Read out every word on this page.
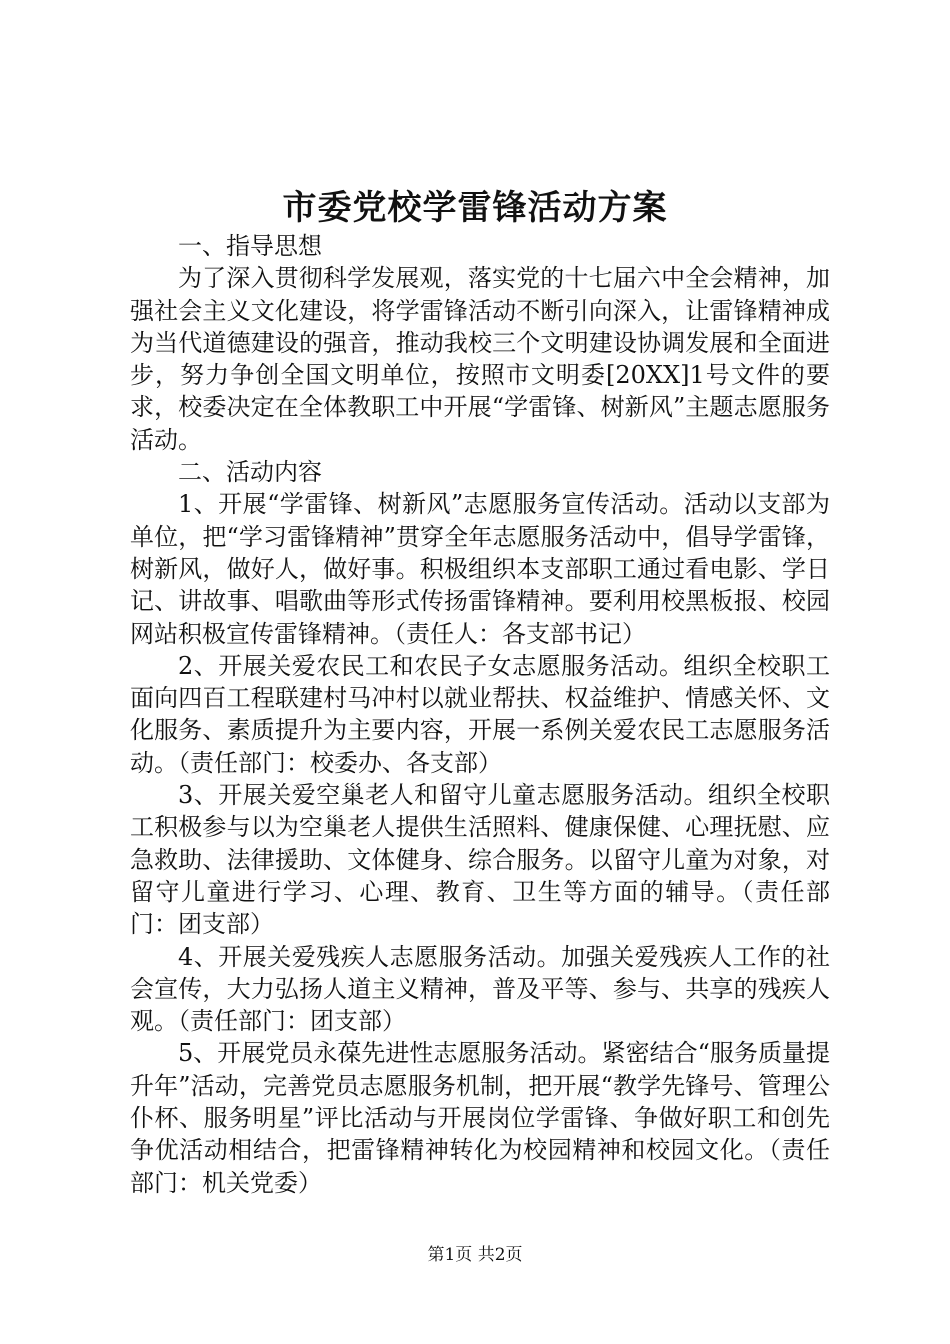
市委党校学雷锋活动方案

一、指导思想

为了深入贯彻科学发展观，落实党的十七届六中全会精神，加强社会主义文化建设，将学雷锋活动不断引向深入，让雷锋精神成为当代道德建设的强音，推动我校三个文明建设协调发展和全面进步，努力争创全国文明单位，按照市文明委[20XX]1号文件的要求，校委决定在全体教职工中开展“学雷锋、树新风”主题志愿服务活动。

二、活动内容

1、开展“学雷锋、树新风”志愿服务宣传活动。活动以支部为单位，把“学习雷锋精神”贯穿全年志愿服务活动中，倡导学雷锋，树新风，做好人，做好事。积极组织本支部职工通过看电影、学日记、讲故事、唱歌曲等形式传扬雷锋精神。要利用校黑板报、校园网站积极宣传雷锋精神。（责任人：各支部书记）

2、开展关爱农民工和农民子女志愿服务活动。组织全校职工面向四百工程联建村马冲村以就业帮扶、权益维护、情感关怀、文化服务、素质提升为主要内容，开展一系例关爱农民工志愿服务活动。（责任部门：校委办、各支部）

3、开展关爱空巢老人和留守儿童志愿服务活动。组织全校职工积极参与以为空巢老人提供生活照料、健康保健、心理抚慰、应急救助、法律援助、文体健身、综合服务。以留守儿童为对象，对留守儿童进行学习、心理、教育、卫生等方面的辅导。（责任部门：团支部）

4、开展关爱残疾人志愿服务活动。加强关爱残疾人工作的社会宣传，大力弘扬人道主义精神，普及平等、参与、共享的残疾人观。（责任部门：团支部）

5、开展党员永葆先进性志愿服务活动。紧密结合“服务质量提升年”活动，完善党员志愿服务机制，把开展“教学先锋号、管理公仆杯、服务明星”评比活动与开展岗位学雷锋、争做好职工和创先争优活动相结合，把雷锋精神转化为校园精神和校园文化。（责任部门：机关党委）

第1页 共2页
